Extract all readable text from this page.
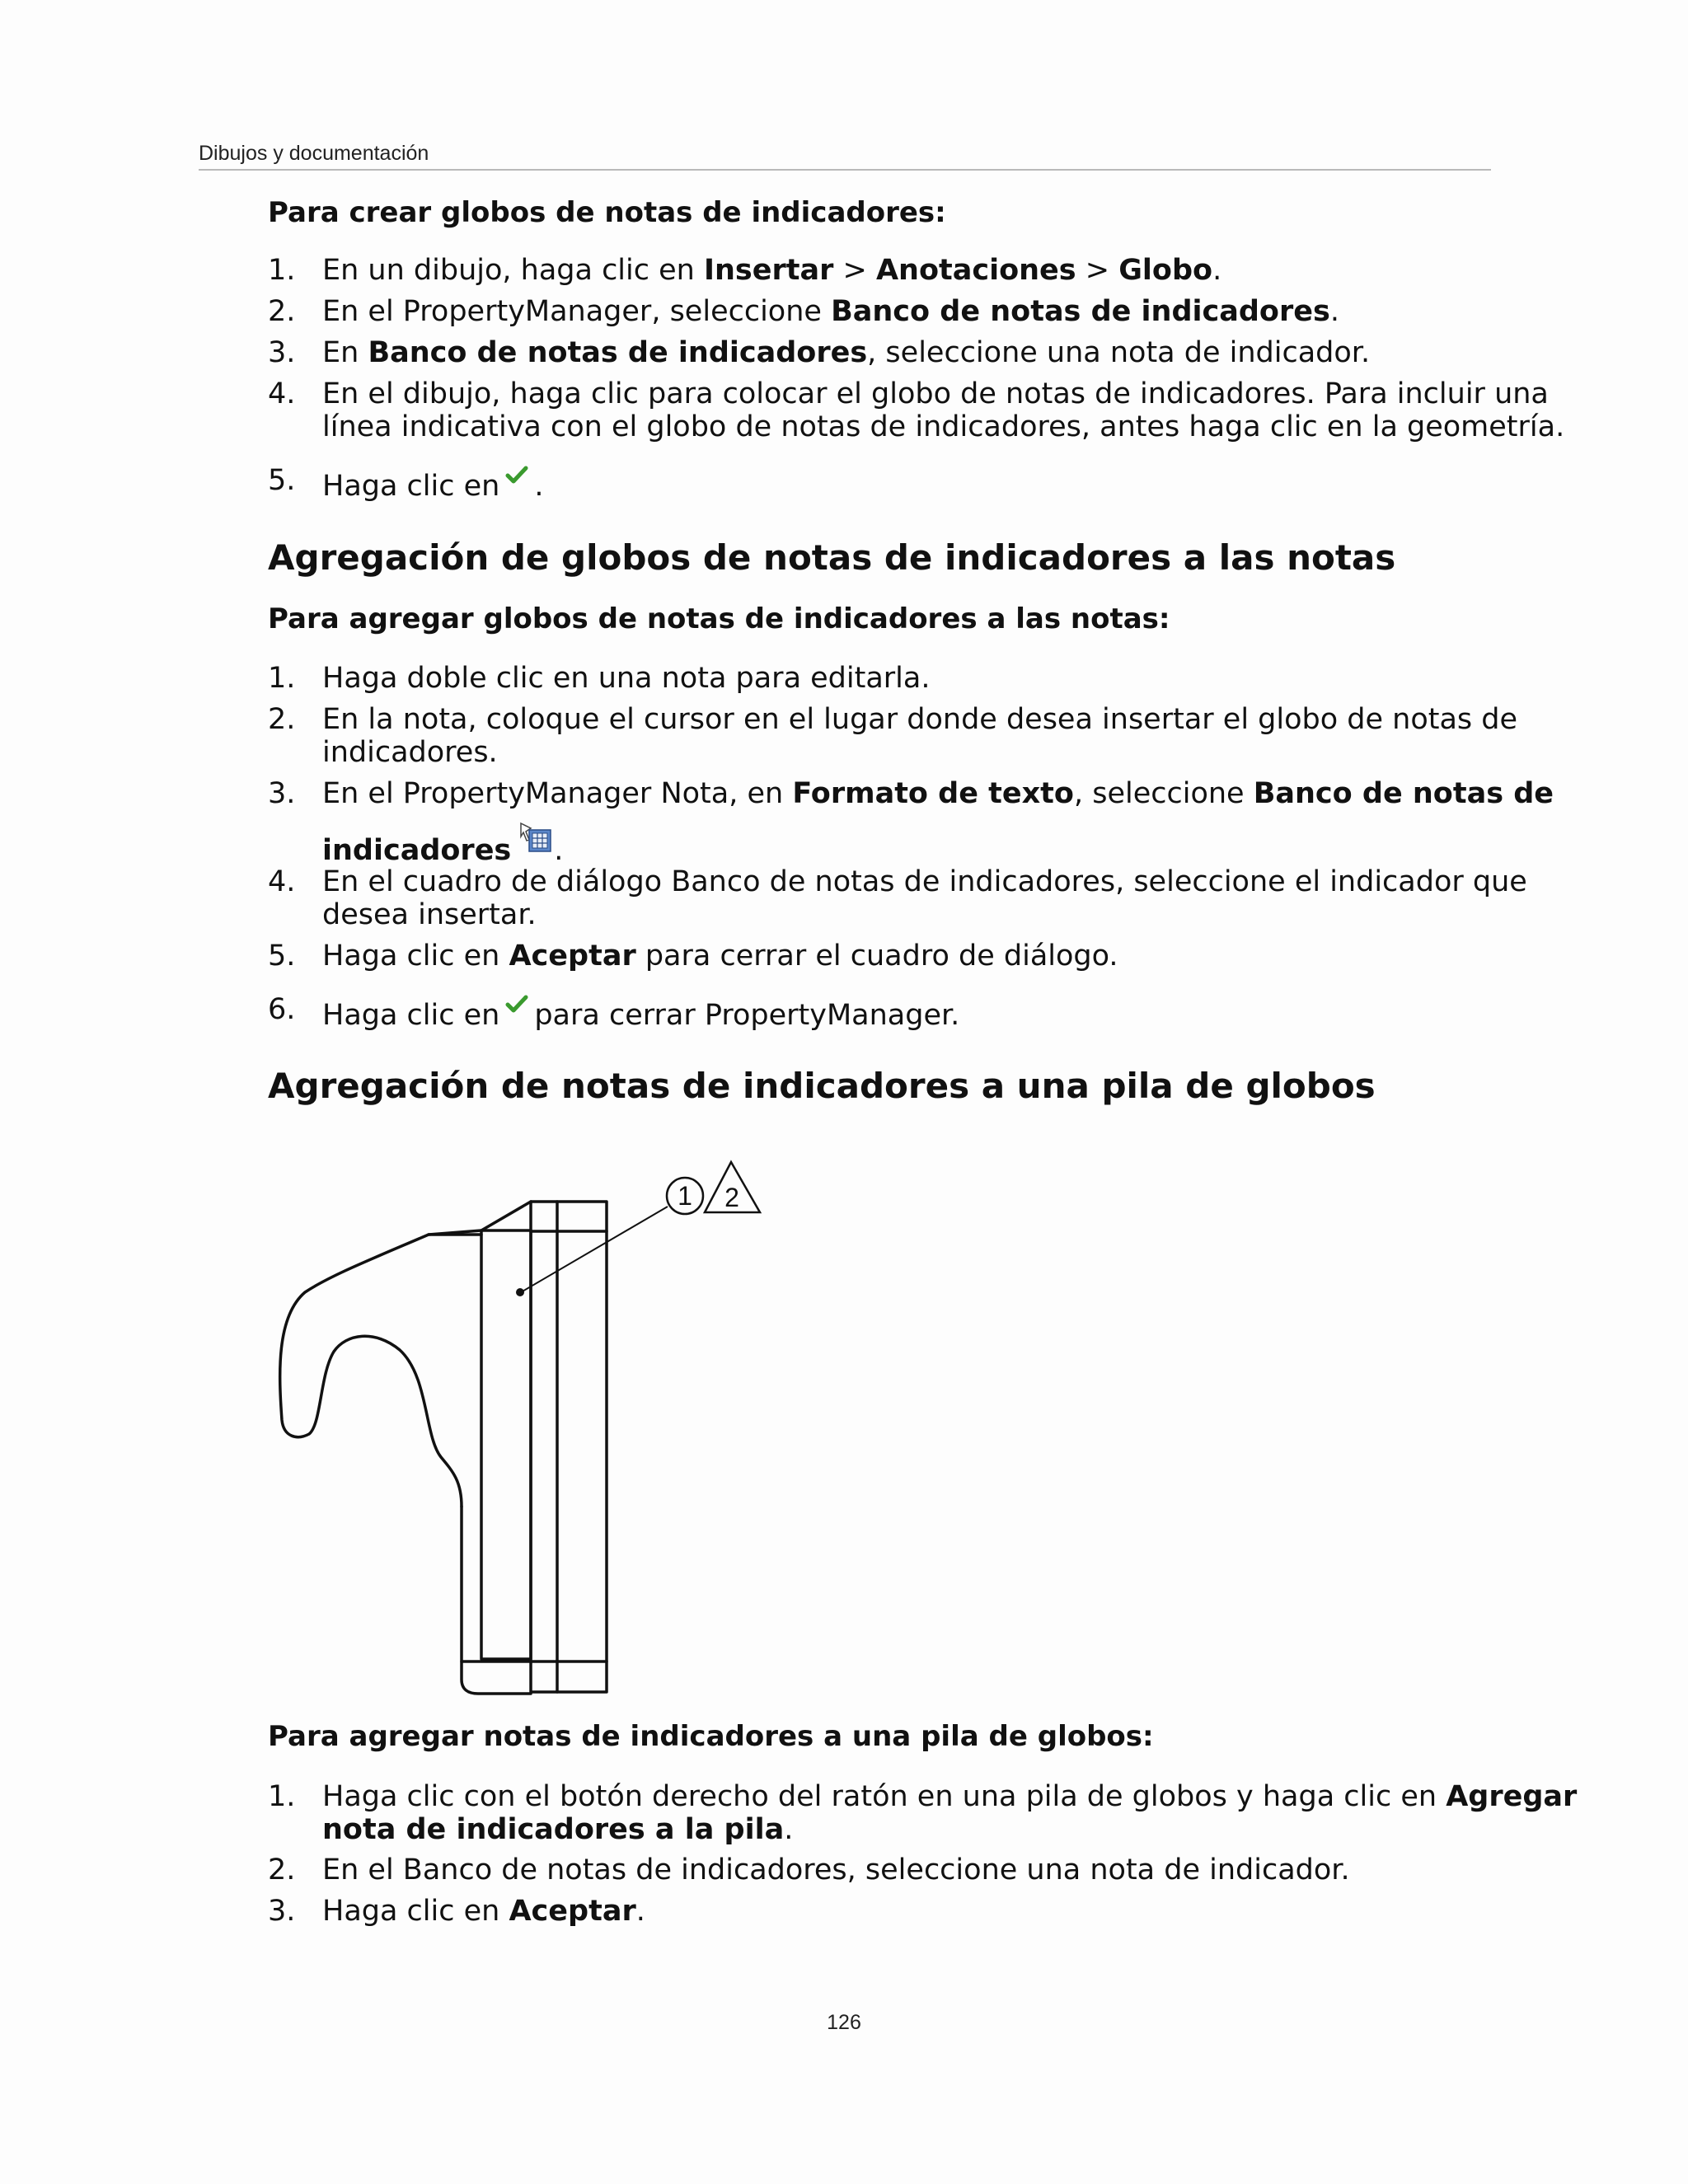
Dibujos y documentación
Para crear globos de notas de indicadores:
1. En un dibujo, haga clic en Insertar > Anotaciones > Globo.
2. En el PropertyManager, seleccione Banco de notas de indicadores.
3. En Banco de notas de indicadores, seleccione una nota de indicador.
4. En el dibujo, haga clic para colocar el globo de notas de indicadores. Para incluir una
línea indicativa con el globo de notas de indicadores, antes haga clic en la geometría.
5. Haga clic en .
Agregación de globos de notas de indicadores a las notas
Para agregar globos de notas de indicadores a las notas:
1. Haga doble clic en una nota para editarla.
2. En la nota, coloque el cursor en el lugar donde desea insertar el globo de notas de
indicadores.
3. En el PropertyManager Nota, en Formato de texto, seleccione Banco de notas de
indicadores .
4. En el cuadro de diálogo Banco de notas de indicadores, seleccione el indicador que
desea insertar.
5. Haga clic en Aceptar para cerrar el cuadro de diálogo.
6. Haga clic en para cerrar PropertyManager.
Agregación de notas de indicadores a una pila de globos
1 2
Para agregar notas de indicadores a una pila de globos:
1. Haga clic con el botón derecho del ratón en una pila de globos y haga clic en Agregar
nota de indicadores a la pila.
2. En el Banco de notas de indicadores, seleccione una nota de indicador.
3. Haga clic en Aceptar.
126
